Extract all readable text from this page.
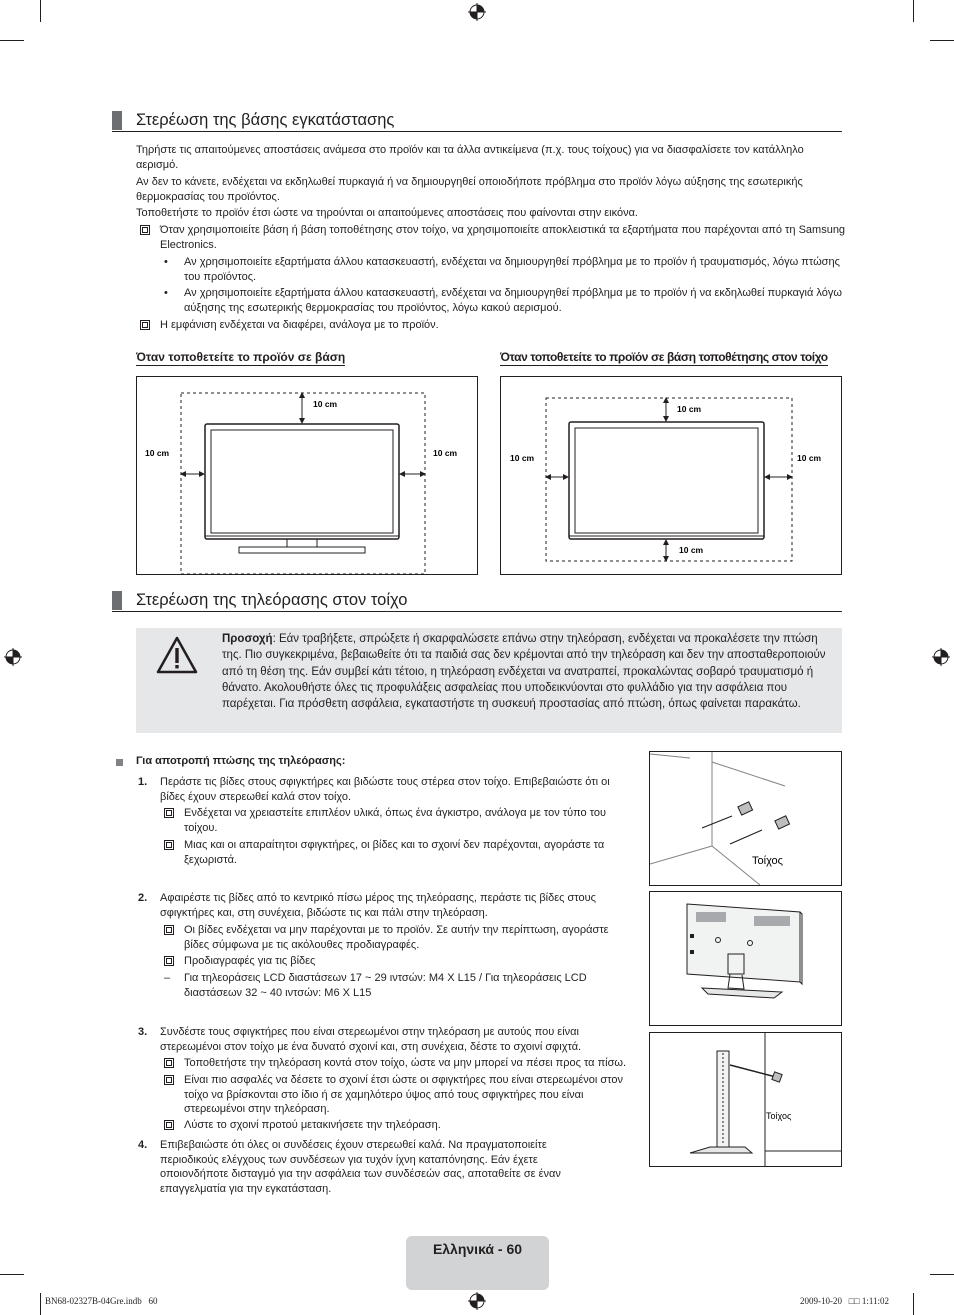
Στερέωση της βάσης εγκατάστασης
Τηρήστε τις απαιτούμενες αποστάσεις ανάμεσα στο προϊόν και τα άλλα αντικείμενα (π.χ. τους τοίχους) για να διασφαλίσετε τον κατάλληλο αερισμό.
Αν δεν το κάνετε, ενδέχεται να εκδηλωθεί πυρκαγιά ή να δημιουργηθεί οποιοδήποτε πρόβλημα στο προϊόν λόγω αύξησης της εσωτερικής θερμοκρασίας του προϊόντος.
Τοποθετήστε το προϊόν έτσι ώστε να τηρούνται οι απαιτούμενες αποστάσεις που φαίνονται στην εικόνα.
Όταν χρησιμοποιείτε βάση ή βάση τοποθέτησης στον τοίχο, να χρησιμοποιείτε αποκλειστικά τα εξαρτήματα που παρέχονται από τη Samsung Electronics.
• Αν χρησιμοποιείτε εξαρτήματα άλλου κατασκευαστή, ενδέχεται να δημιουργηθεί πρόβλημα με το προϊόν ή τραυματισμός, λόγω πτώσης του προϊόντος.
• Αν χρησιμοποιείτε εξαρτήματα άλλου κατασκευαστή, ενδέχεται να δημιουργηθεί πρόβλημα με το προϊόν ή να εκδηλωθεί πυρκαγιά λόγω αύξησης της εσωτερικής θερμοκρασίας του προϊόντος, λόγω κακού αερισμού.
Η εμφάνιση ενδέχεται να διαφέρει, ανάλογα με το προϊόν.
Όταν τοποθετείτε το προϊόν σε βάση	Όταν τοποθετείτε το προϊόν σε βάση τοποθέτησης στον τοίχο
10 cm
10 cm	10 cm
10 cm
10 cm
10 cm	10 cm
Στερέωση της τηλεόρασης στον τοίχο
Προσοχή: Εάν τραβήξετε, σπρώξετε ή σκαρφαλώσετε επάνω στην τηλεόραση, ενδέχεται να προκαλέσετε την πτώση της. Πιο συγκεκριμένα, βεβαιωθείτε ότι τα παιδιά σας δεν κρέμονται από την τηλεόραση και δεν την αποσταθεροποιούν από τη θέση της. Εάν συμβεί κάτι τέτοιο, η τηλεόραση ενδέχεται να ανατραπεί, προκαλώντας σοβαρό τραυματισμό ή θάνατο. Ακολουθήστε όλες τις προφυλάξεις ασφαλείας που υποδεικνύονται στο φυλλάδιο για την ασφάλεια που παρέχεται. Για πρόσθετη ασφάλεια, εγκαταστήστε τη συσκευή προστασίας από πτώση, όπως φαίνεται παρακάτω.
Για αποτροπή πτώσης της τηλεόρασης:
1. Περάστε τις βίδες στους σφιγκτήρες και βιδώστε τους στέρεα στον τοίχο. Επιβεβαιώστε ότι οι βίδες έχουν στερεωθεί καλά στον τοίχο.
Ενδέχεται να χρειαστείτε επιπλέον υλικά, όπως ένα άγκιστρο, ανάλογα με τον τύπο του τοίχου.
Μιας και οι απαραίτητοι σφιγκτήρες, οι βίδες και το σχοινί δεν παρέχονται, αγοράστε τα ξεχωριστά.
2. Αφαιρέστε τις βίδες από το κεντρικό πίσω μέρος της τηλεόρασης, περάστε τις βίδες στους σφιγκτήρες και, στη συνέχεια, βιδώστε τις και πάλι στην τηλεόραση.
Οι βίδες ενδέχεται να μην παρέχονται με το προϊόν. Σε αυτήν την περίπτωση, αγοράστε βίδες σύμφωνα με τις ακόλουθες προδιαγραφές.
Προδιαγραφές για τις βίδες
– Για τηλεοράσεις LCD διαστάσεων 17 ~ 29 ιντσών: M4 X L15 / Για τηλεοράσεις LCD διαστάσεων 32 ~ 40 ιντσών: M6 X L15
3. Συνδέστε τους σφιγκτήρες που είναι στερεωμένοι στην τηλεόραση με αυτούς που είναι στερεωμένοι στον τοίχο με ένα δυνατό σχοινί και, στη συνέχεια, δέστε το σχοινί σφιχτά.
Τοποθετήστε την τηλεόραση κοντά στον τοίχο, ώστε να μην μπορεί να πέσει προς τα πίσω.
Είναι πιο ασφαλές να δέσετε το σχοινί έτσι ώστε οι σφιγκτήρες που είναι στερεωμένοι στον τοίχο να βρίσκονται στο ίδιο ή σε χαμηλότερο ύψος από τους σφιγκτήρες που είναι στερεωμένοι στην τηλεόραση.
Λύστε το σχοινί προτού μετακινήσετε την τηλεόραση.
4. Επιβεβαιώστε ότι όλες οι συνδέσεις έχουν στερεωθεί καλά. Να πραγματοποιείτε περιοδικούς ελέγχους των συνδέσεων για τυχόν ίχνη καταπόνησης. Εάν έχετε οποιονδήποτε δισταγμό για την ασφάλεια των συνδέσεών σας, αποταθείτε σε έναν επαγγελματία για την εγκατάσταση.
Τοίχος
Τοίχος
Ελληνικά - 60
BN68-02327B-04Gre.indb   60	2009-10-20   □□ 1:11:02
